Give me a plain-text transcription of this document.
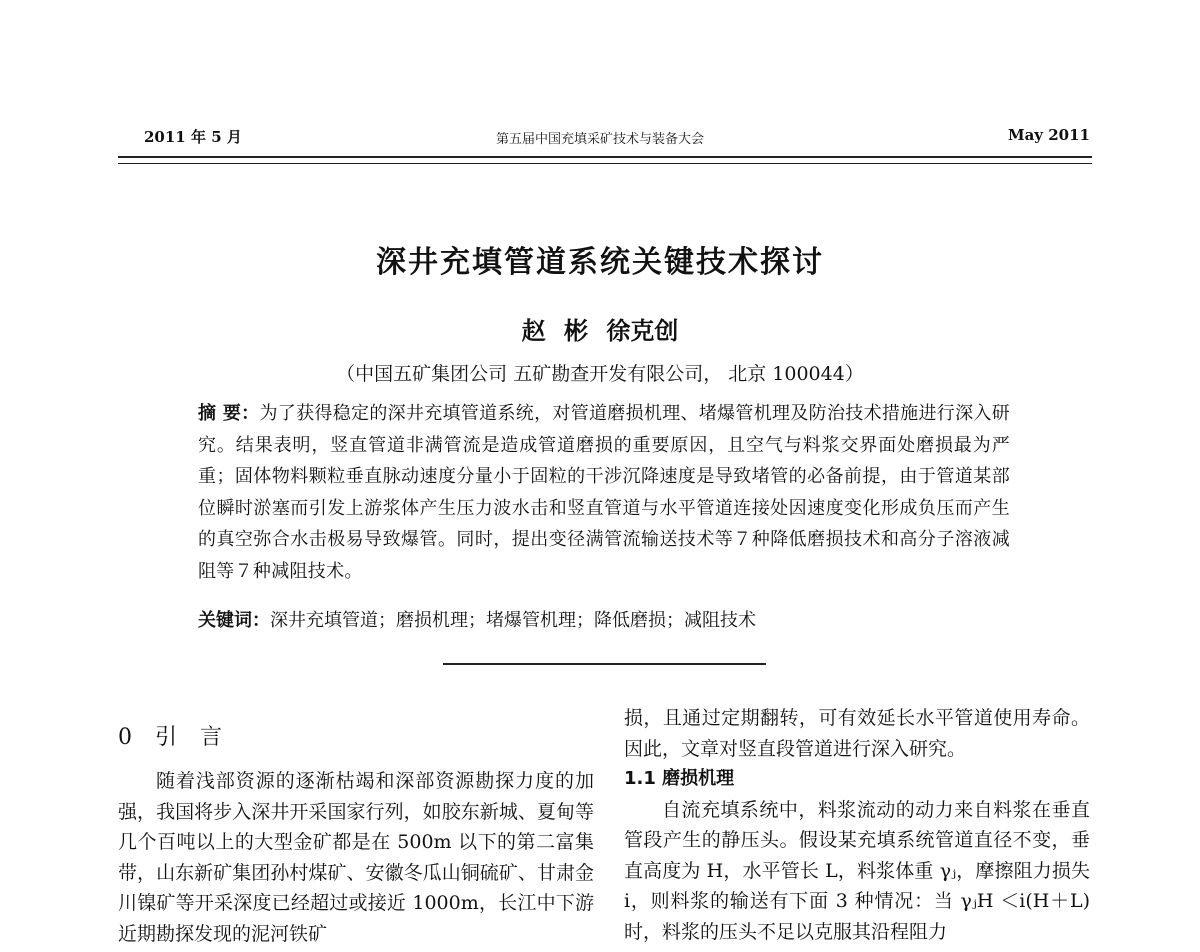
2011 年 5 月	第五届中国充填采矿技术与装备大会	May 2011
深井充填管道系统关键技术探讨
赵 彬 徐克创
（中国五矿集团公司 五矿勘查开发有限公司， 北京 100044）
摘 要：为了获得稳定的深井充填管道系统，对管道磨损机理、堵爆管机理及防治技术措施进行深入研究。结果表明，竖直管道非满管流是造成管道磨损的重要原因，且空气与料浆交界面处磨损最为严重；固体物料颗粒垂直脉动速度分量小于固粒的干涉沉降速度是导致堵管的必备前提，由于管道某部位瞬时淤塞而引发上游浆体产生压力波水击和竖直管道与水平管道连接处因速度变化形成负压而产生的真空弥合水击极易导致爆管。同时，提出变径满管流输送技术等７种降低磨损技术和高分子溶液减阻等７种减阻技术。
关键词：深井充填管道；磨损机理；堵爆管机理；降低磨损；减阻技术
0 引 言

随着浅部资源的逐渐枯竭和深部资源勘探力度的加强，我国将步入深井开采国家行列，如胶东新城、夏甸等几个百吨以上的大型金矿都是在 500m 以下的第二富集带，山东新矿集团孙村煤矿、安徽冬瓜山铜硫矿、甘肃金川镍矿等开采深度已经超过或接近 1000m，长江中下游近期勘探发现的泥河铁矿

损，且通过定期翻转，可有效延长水平管道使用寿命。因此，文章对竖直段管道进行深入研究。

1.1 磨损机理

自流充填系统中，料浆流动的动力来自料浆在垂直管段产生的静压头。假设某充填系统管道直径不变，垂直高度为 H，水平管长 L，料浆体重 γⱼ，摩擦阻力损失 i，则料浆的输送有下面 3 种情况：当 γⱼH ＜i(H＋L) 时，料浆的压头不足以克服其沿程阻力
